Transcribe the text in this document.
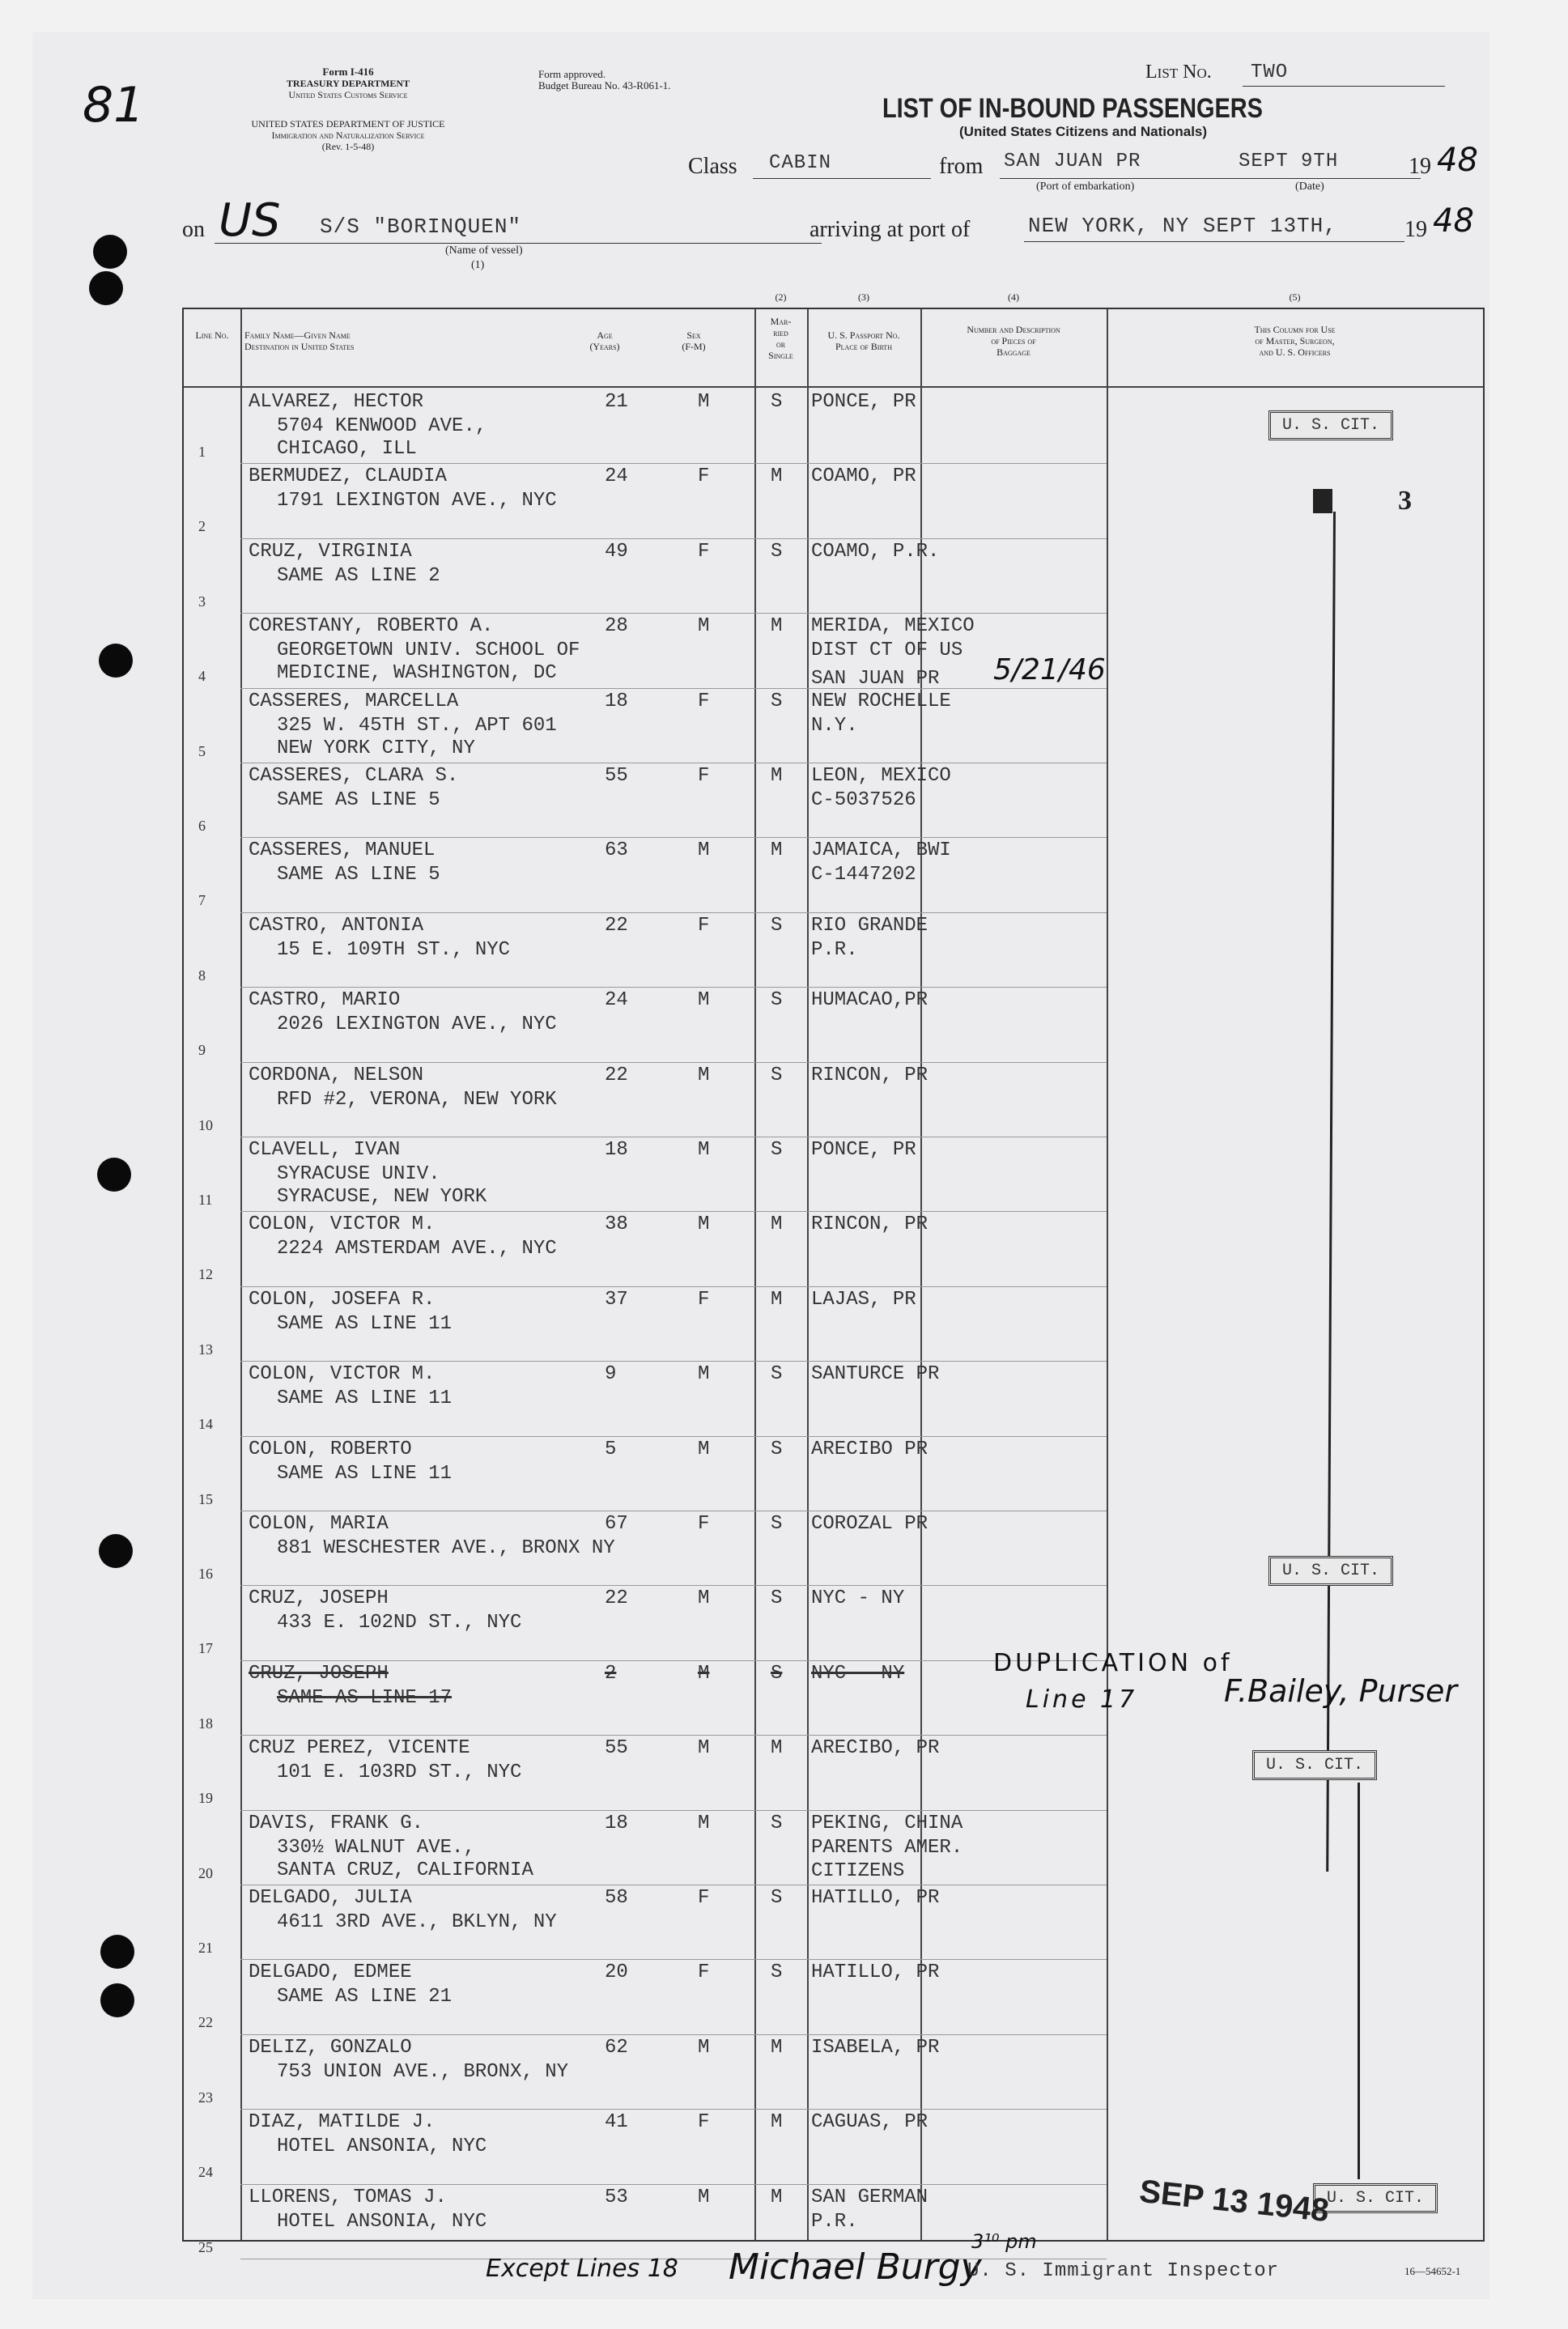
81
Form I-416
TREASURY DEPARTMENT
United States Customs Service
UNITED STATES DEPARTMENT OF JUSTICE
Immigration and Naturalization Service
(Rev. 1-5-48)
Form approved.
Budget Bureau No. 43-R061-1.
List No. TWO
LIST OF IN-BOUND PASSENGERS
(United States Citizens and Nationals)
Class CABIN	from SAN JUAN PR	SEPT 9TH	19 48
(Port of embarkation)	(Date)
on US S/S "BORINQUEN"
(Name of vessel)
(1)
arriving at port of	NEW YORK, NY SEPT 13TH,	19 48
Line No.	Family Name—Given Name
Destination in United States
Age
(Years)
Sex
(F-M)
(2)
Mar-
ried
or
Single
(3)
U. S. Passport No.
Place of Birth
(4)
Number and Description
of Pieces of
Baggage
(5)
This Column for Use
of Master, Surgeon,
and U. S. Officers
1
ALVAREZ, HECTOR
5704 KENWOOD AVE.,
CHICAGO, ILL
21	M	S PONCE, PR
2
BERMUDEZ, CLAUDIA
1791 LEXINGTON AVE., NYC
24	F	M COAMO, PR
3
CRUZ, VIRGINIA
SAME AS LINE 2
49	F	S COAMO, P.R.
4
CORESTANY, ROBERTO A.
GEORGETOWN UNIV. SCHOOL OF
MEDICINE, WASHINGTON, DC
28	M	M MERIDA, MEXICO
DIST CT OF US
5
CASSERES, MARCELLA
325 W. 45TH ST., APT 601
NEW YORK CITY, NY
18	F	S NEW ROCHELLE
N.Y.
6
CASSERES, CLARA S.
SAME AS LINE 5
55	F	M LEON, MEXICO
C-5037526
7
CASSERES, MANUEL
SAME AS LINE 5
63	M	M JAMAICA, BWI
C-1447202
8
CASTRO, ANTONIA
15 E. 109TH ST., NYC
22	F	S RIO GRANDE
P.R.
9
CASTRO, MARIO
2026 LEXINGTON AVE., NYC
24	M	S HUMACAO,PR
10
CORDONA, NELSON
RFD #2, VERONA, NEW YORK
22	M	S RINCON, PR
11
CLAVELL, IVAN
SYRACUSE UNIV.
SYRACUSE, NEW YORK
18	M	S PONCE, PR
12
COLON, VICTOR M.
2224 AMSTERDAM AVE., NYC
38	M	M RINCON, PR
13
COLON, JOSEFA R.
SAME AS LINE 11
37	F	M LAJAS, PR
14
COLON, VICTOR M.
SAME AS LINE 11
9	M	S SANTURCE PR
15
COLON, ROBERTO
SAME AS LINE 11
5	M	S ARECIBO PR
16
COLON, MARIA
881 WESCHESTER AVE., BRONX NY
67	F	S COROZAL PR
17
CRUZ, JOSEPH
433 E. 102ND ST., NYC
22	M	S NYC - NY
18
CRUZ, JOSEPH
SAME AS LINE 17
2	M	S NYC - NY
19
CRUZ PEREZ, VICENTE
101 E. 103RD ST., NYC
55	M	M ARECIBO, PR
20
DAVIS, FRANK G.
330½ WALNUT AVE.,
SANTA CRUZ, CALIFORNIA
18	M	S PEKING, CHINA
PARENTS AMER.
21
DELGADO, JULIA
4611 3RD AVE., BKLYN, NY
58	F	S HATILLO, PR
22
DELGADO, EDMEE
SAME AS LINE 21
20	F	S HATILLO, PR
23
DELIZ, GONZALO
753 UNION AVE., BRONX, NY
62	M	M ISABELA, PR
24
DIAZ, MATILDE J.
HOTEL ANSONIA, NYC
41	F	M CAGUAS, PR
25
LLORENS, TOMAS J.
HOTEL ANSONIA, NYC
53	M	M SAN GERMAN
P.R.
SAN JUAN PR 5/21/46
CITIZENS
U. S. CIT.
3
U. S. CIT.
U. S. CIT.
U. S. CIT.
DUPLICATION of
Line 17	F.Bailey, Purser
SEP 13 1948
Except Lines 18 Michael Burgy
3¹⁰ pm
U. S. Immigrant Inspector	16—54652-1
